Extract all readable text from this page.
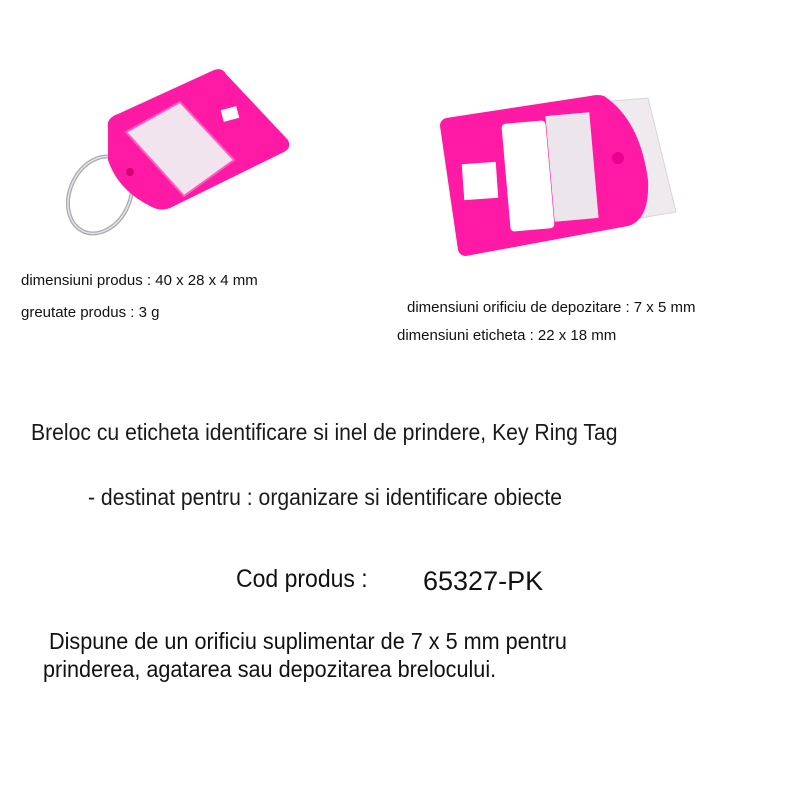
dimensiuni produs : 40 x 28 x 4 mm
greutate produs : 3 g	dimensiuni orificiu de depozitare : 7 x 5 mm
dimensiuni eticheta : 22 x 18 mm
Breloc cu eticheta identificare si inel de prindere, Key Ring Tag
- destinat pentru : organizare si identificare obiecte
Cod produs : 65327-PK
Dispune de un orificiu suplimentar de 7 x 5 mm pentru
prinderea, agatarea sau depozitarea brelocului.
